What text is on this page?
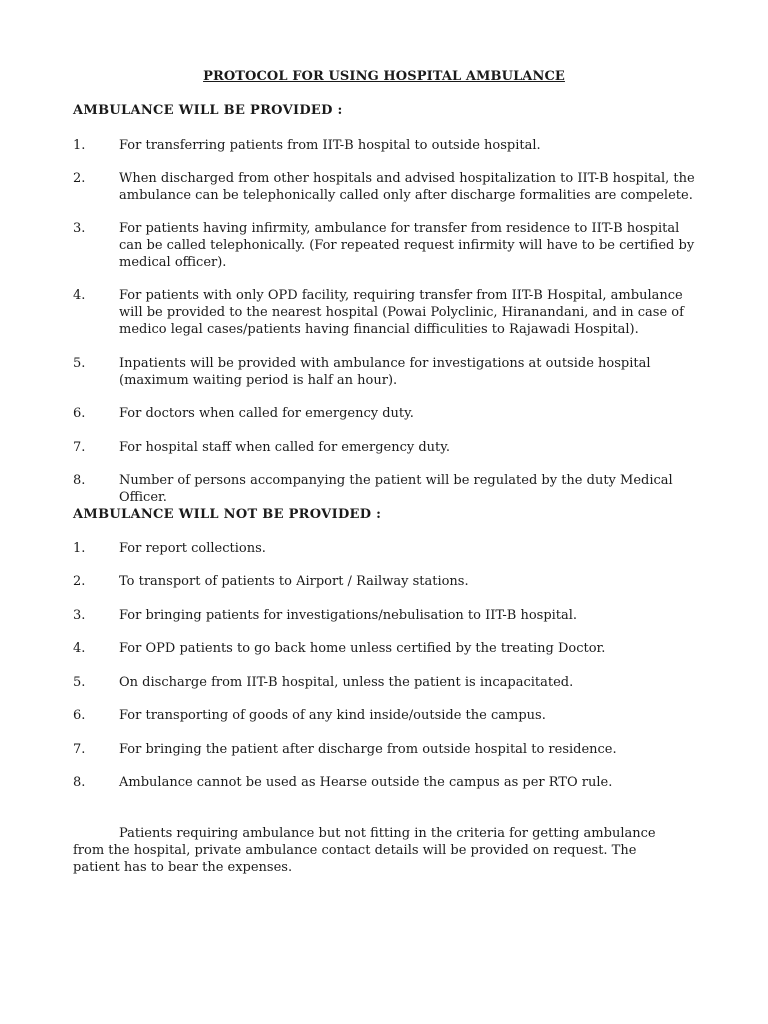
PROTOCOL FOR USING HOSPITAL AMBULANCE
AMBULANCE WILL BE PROVIDED :
1.	For transferring patients from IIT-B hospital to outside hospital.
2.	When discharged from other hospitals and advised hospitalization to IIT-B hospital, the ambulance can be telephonically called only after discharge formalities are compelete.
3.	For patients having infirmity, ambulance for transfer from residence to IIT-B hospital can be called telephonically. (For repeated request infirmity will have to be certified by medical officer).
4.	For patients with only OPD facility, requiring transfer from IIT-B Hospital, ambulance will be provided to the nearest hospital (Powai Polyclinic, Hiranandani, and in case of medico legal cases/patients having financial difficulities to Rajawadi Hospital).
5.	Inpatients will be provided with ambulance for investigations at outside hospital (maximum waiting period is half an hour).
6.	For doctors when called for emergency duty.
7.	For hospital staff when called for emergency duty.
8.	Number of persons accompanying the patient will be regulated by the duty Medical Officer.
AMBULANCE WILL NOT BE PROVIDED :
1.	For report collections.
2.	To transport of patients to Airport / Railway stations.
3.	For bringing patients for investigations/nebulisation to IIT-B hospital.
4.	For OPD patients to go back home unless certified by the treating Doctor.
5.	On discharge from IIT-B hospital, unless the patient is incapacitated.
6.	For transporting of goods of any kind inside/outside the campus.
7.	For bringing the patient after discharge from outside hospital to residence.
8.	Ambulance cannot be used as Hearse outside the campus as per RTO rule.
Patients requiring ambulance but not fitting in the criteria for getting ambulance from the hospital, private ambulance contact details will be provided on request. The patient has to bear the expenses.
